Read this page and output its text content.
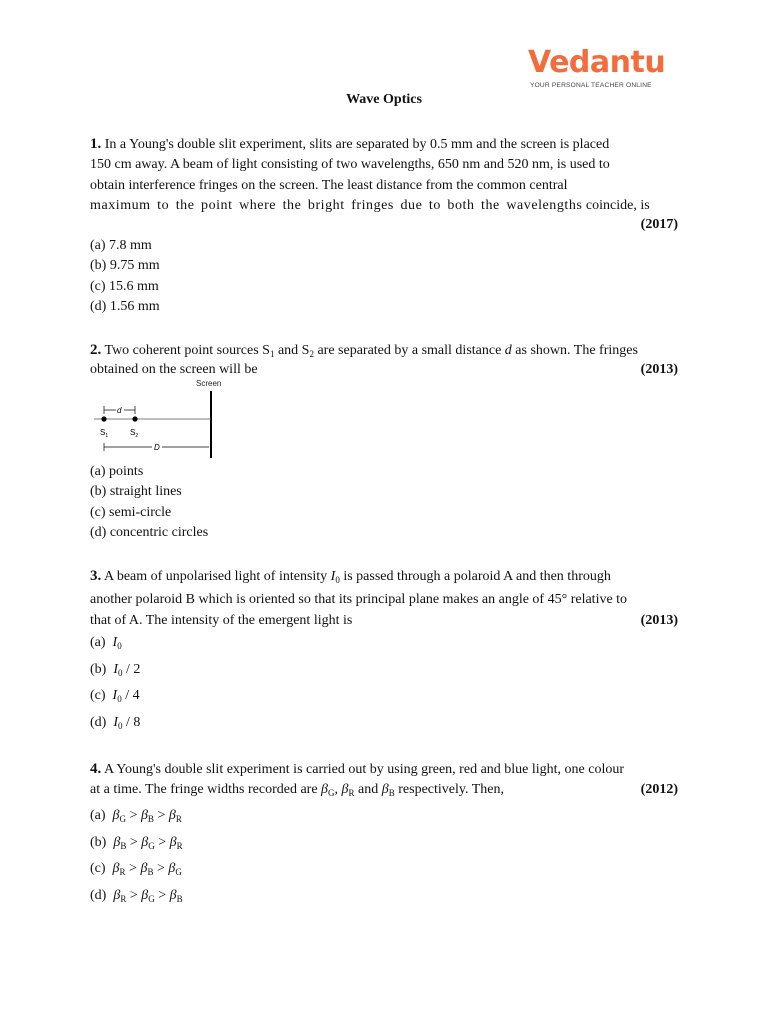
Vedantu
YOUR PERSONAL TEACHER ONLINE
Wave Optics
1. In a Young's double slit experiment, slits are separated by 0.5 mm and the screen is placed
150 cm away. A beam of light consisting of two wavelengths, 650 nm and 520 nm, is used to
obtain interference fringes on the screen. The least distance from the common central
maximum to the point where the bright fringes due to both the wavelengths coincide, is
(2017)
(a) 7.8 mm
(b) 9.75 mm
(c) 15.6 mm
(d) 1.56 mm
2. Two coherent point sources $S_1$ and $S_2$ are separated by a small distance d as shown. The fringes
obtained on the screen will be	(2013)
Screen
d
$S_1$	$S_2$
D
(a) points
(b) straight lines
(c) semi-circle
(d) concentric circles
3. A beam of unpolarised light of intensity $I_0$ is passed through a polaroid A and then through
another polaroid B which is oriented so that its principal plane makes an angle of 45° relative to
that of A. The intensity of the emergent light is	(2013)
(a) $I_0$
(b) $I_0 / 2$
(c) $I_0 / 4$
(d) $I_0 / 8$
4. A Young's double slit experiment is carried out by using green, red and blue light, one colour
at a time. The fringe widths recorded are $\beta_G$, $\beta_R$ and $\beta_B$ respectively. Then,	(2012)
(a) $\beta_G > \beta_B > \beta_R$
(b) $\beta_B > \beta_G > \beta_R$
(c) $\beta_R > \beta_B > \beta_G$
(d) $\beta_R > \beta_G > \beta_B$
